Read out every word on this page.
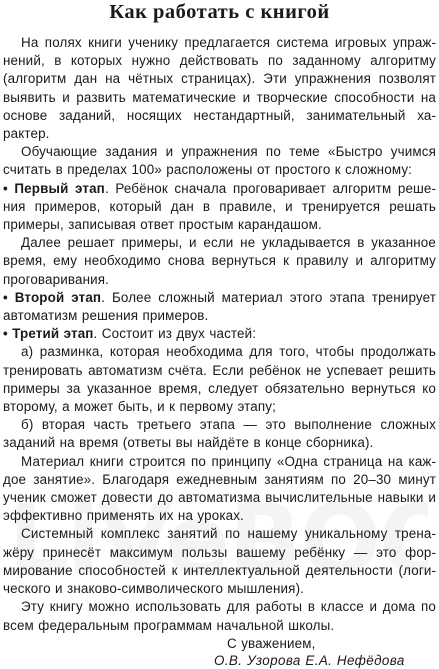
Как работать с книгой

На полях книги ученику предлагается система игровых упражнений, в которых нужно действовать по заданному алгоритму (алгоритм дан на чётных страницах). Эти упражнения позволят выявить и развить математические и творческие способности на основе заданий, носящих нестандартный, занимательный характер.

Обучающие задания и упражнения по теме «Быстро учимся считать в пределах 100» расположены от простого к сложному:

• Первый этап. Ребёнок сначала проговаривает алгоритм решения примеров, который дан в правиле, и тренируется решать примеры, записывая ответ простым карандашом.

Далее решает примеры, и если не укладывается в указанное время, ему необходимо снова вернуться к правилу и алгоритму проговаривания.

• Второй этап. Более сложный материал этого этапа тренирует автоматизм решения примеров.

• Третий этап. Состоит из двух частей:

а) разминка, которая необходима для того, чтобы продолжать тренировать автоматизм счёта. Если ребёнок не успевает решить примеры за указанное время, следует обязательно вернуться ко второму, а может быть, и к первому этапу;

б) вторая часть третьего этапа — это выполнение сложных заданий на время (ответы вы найдёте в конце сборника).

Материал книги строится по принципу «Одна страница на каждое занятие». Благодаря ежедневным занятиям по 20–30 минут ученик сможет довести до автоматизма вычислительные навыки и эффективно применять их на уроках.

Системный комплекс занятий по нашему уникальному тренажёру принесёт максимум пользы вашему ребёнку — это формирование способностей к интеллектуальной деятельности (логического и знаково-символического мышления).

Эту книгу можно использовать для работы в классе и дома по всем федеральным программам начальной школы.

С уважением,
О.В. Узорова Е.А. Нефёдова
